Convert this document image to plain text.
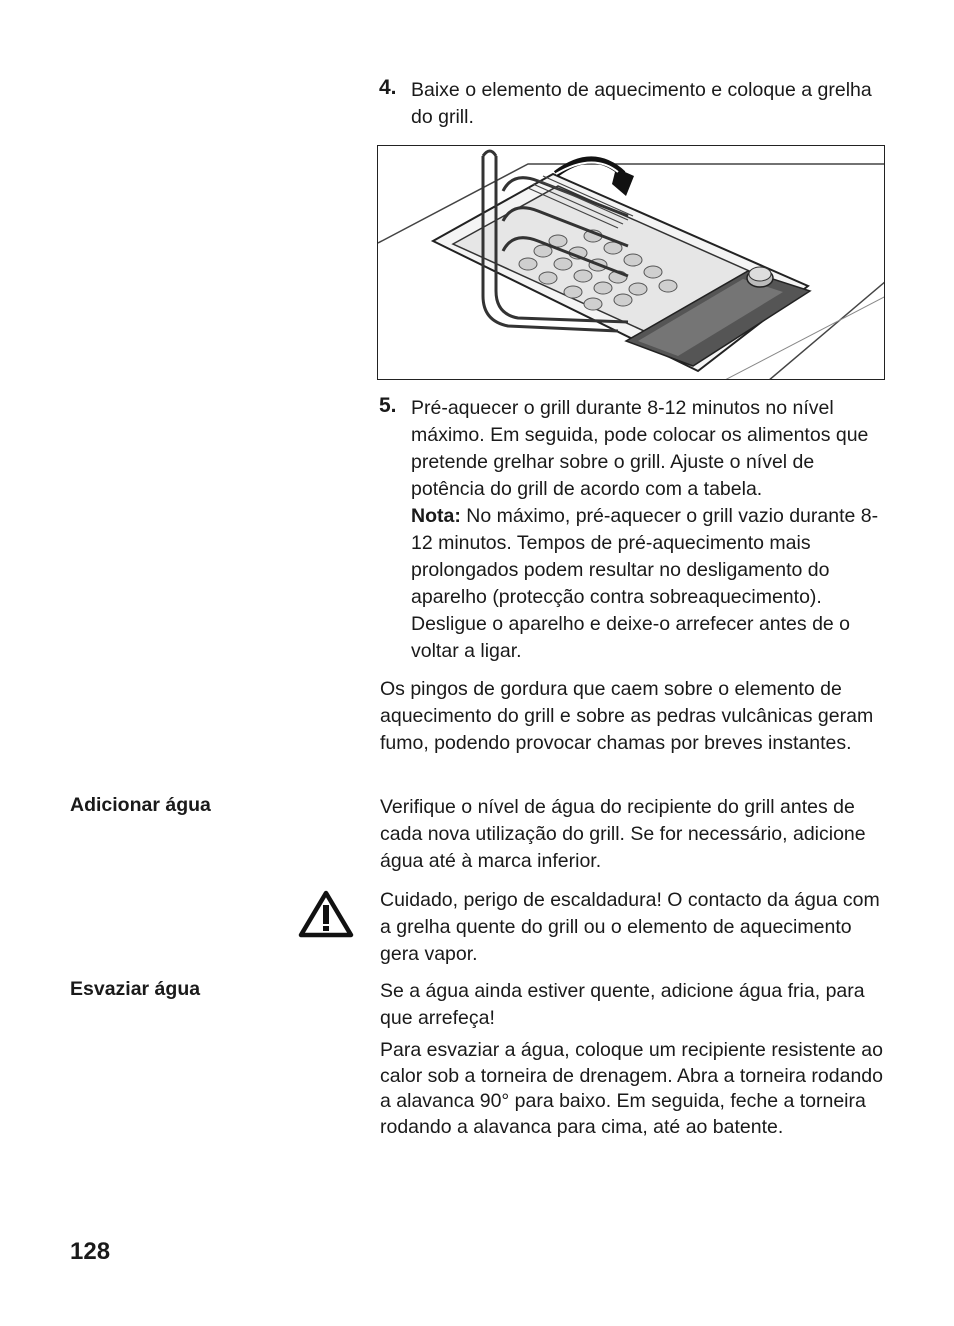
4. Baixe o elemento de aquecimento e coloque a grelha do grill.
5. Pré-aquecer o grill durante 8-12 minutos no nível máximo. Em seguida, pode colocar os alimentos que pretende grelhar sobre o grill. Ajuste o nível de potência do grill de acordo com a tabela.
Nota: No máximo, pré-aquecer o grill vazio durante 8-12 minutos. Tempos de pré-aquecimento mais prolongados podem resultar no desligamento do aparelho (protecção contra sobreaquecimento). Desligue o aparelho e deixe-o arrefecer antes de o voltar a ligar.
Os pingos de gordura que caem sobre o elemento de aquecimento do grill e sobre as pedras vulcânicas geram fumo, podendo provocar chamas por breves instantes.
Adicionar água	Verifique o nível de água do recipiente do grill antes de cada nova utilização do grill. Se for necessário, adicione água até à marca inferior.
Cuidado, perigo de escaldadura! O contacto da água com a grelha quente do grill ou o elemento de aquecimento gera vapor.
Esvaziar água	Se a água ainda estiver quente, adicione água fria, para que arrefeça!
Para esvaziar a água, coloque um recipiente resistente ao calor sob a torneira de drenagem. Abra a torneira rodando a alavanca 90° para baixo. Em seguida, feche a torneira rodando a alavanca para cima, até ao batente.
128
